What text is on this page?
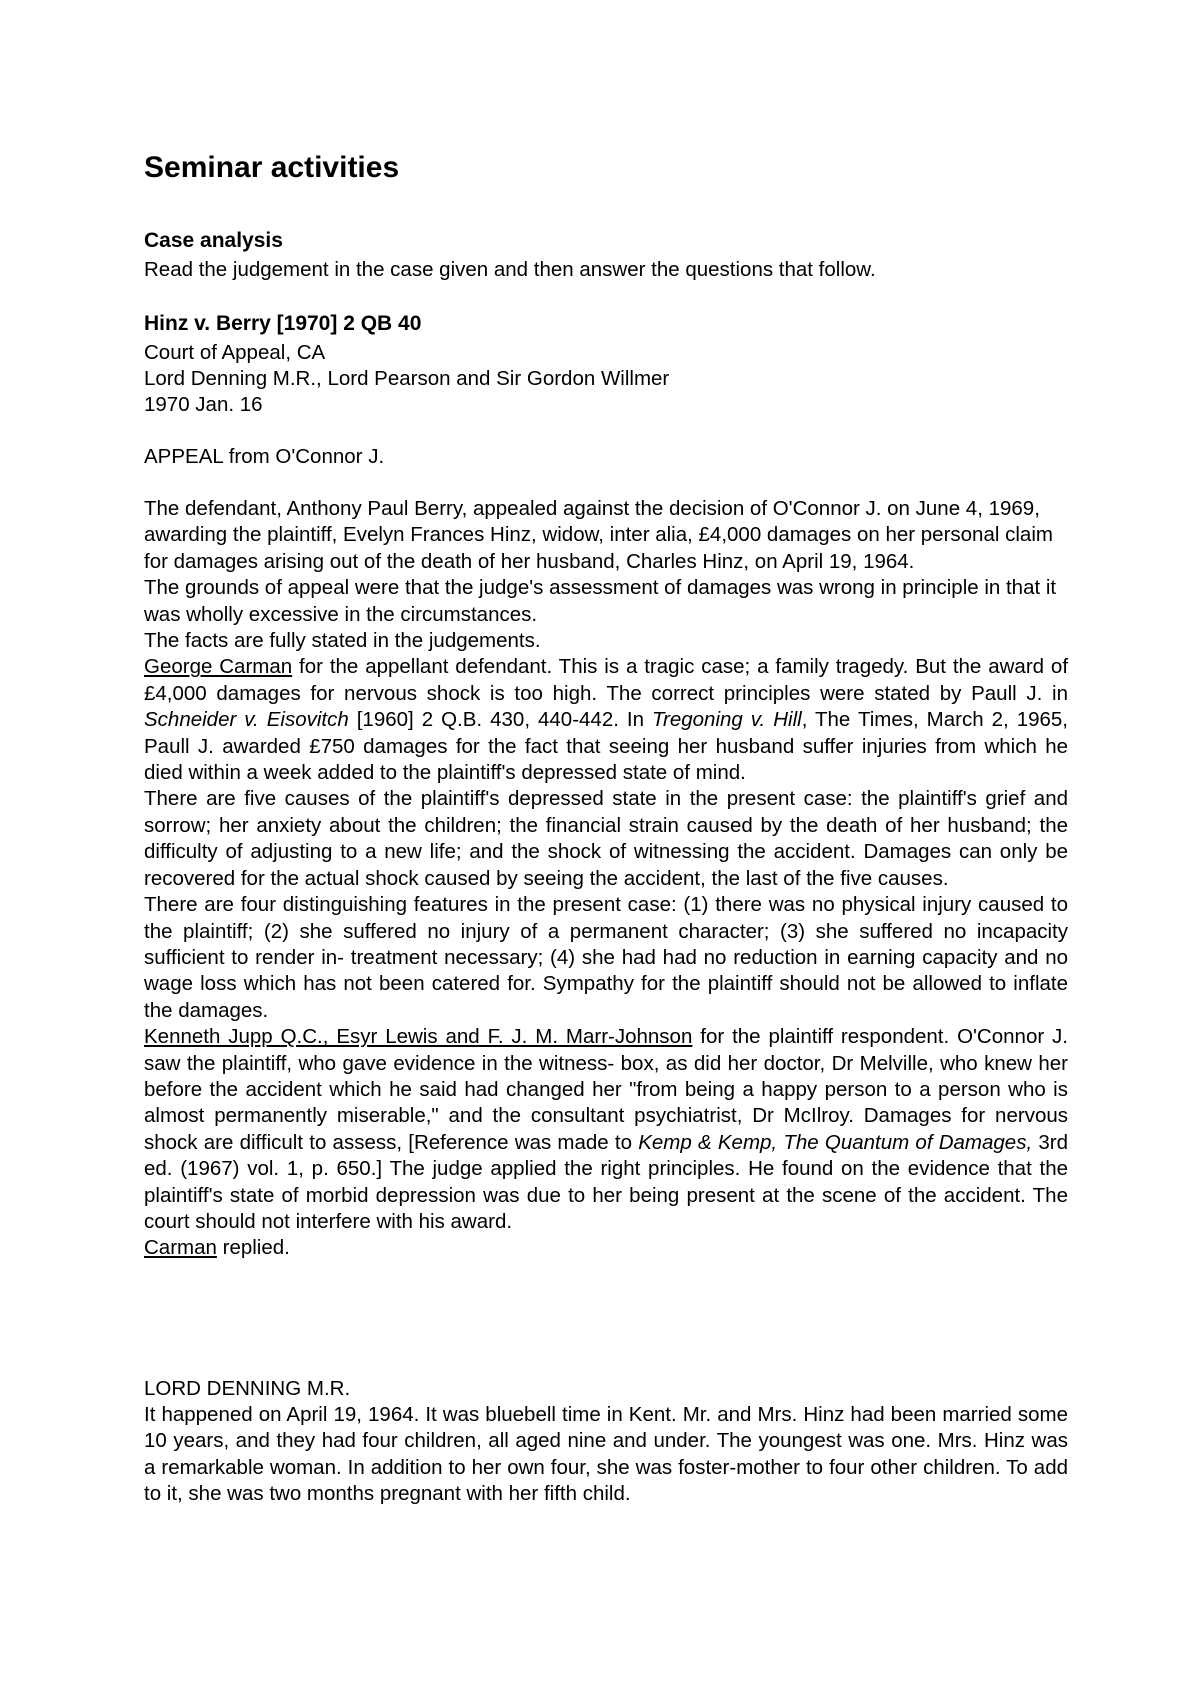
Seminar activities
Case analysis
Read the judgement in the case given and then answer the questions that follow.
Hinz v. Berry [1970] 2 QB 40
Court of Appeal, CA
Lord Denning M.R., Lord Pearson and Sir Gordon Willmer
1970 Jan. 16
APPEAL from O'Connor J.

The defendant, Anthony Paul Berry, appealed against the decision of O'Connor J. on June 4, 1969, awarding the plaintiff, Evelyn Frances Hinz, widow, inter alia, £4,000 damages on her personal claim for damages arising out of the death of her husband, Charles Hinz, on April 19, 1964.

The grounds of appeal were that the judge's assessment of damages was wrong in principle in that it was wholly excessive in the circumstances.

The facts are fully stated in the judgements.

George Carman for the appellant defendant. This is a tragic case; a family tragedy. But the award of £4,000 damages for nervous shock is too high. The correct principles were stated by Paull J. in Schneider v. Eisovitch [1960] 2 Q.B. 430, 440-442. In Tregoning v. Hill, The Times, March 2, 1965, Paull J. awarded £750 damages for the fact that seeing her husband suffer injuries from which he died within a week added to the plaintiff's depressed state of mind.

There are five causes of the plaintiff's depressed state in the present case: the plaintiff's grief and sorrow; her anxiety about the children; the financial strain caused by the death of her husband; the difficulty of adjusting to a new life; and the shock of witnessing the accident. Damages can only be recovered for the actual shock caused by seeing the accident, the last of the five causes.

There are four distinguishing features in the present case: (1) there was no physical injury caused to the plaintiff; (2) she suffered no injury of a permanent character; (3) she suffered no incapacity sufficient to render in- treatment necessary; (4) she had had no reduction in earning capacity and no wage loss which has not been catered for. Sympathy for the plaintiff should not be allowed to inflate the damages.

Kenneth Jupp Q.C., Esyr Lewis and F. J. M. Marr-Johnson for the plaintiff respondent. O'Connor J. saw the plaintiff, who gave evidence in the witness- box, as did her doctor, Dr Melville, who knew her before the accident which he said had changed her "from being a happy person to a person who is almost permanently miserable," and the consultant psychiatrist, Dr McIlroy. Damages for nervous shock are difficult to assess, [Reference was made to Kemp & Kemp, The Quantum of Damages, 3rd ed. (1967) vol. 1, p. 650.] The judge applied the right principles. He found on the evidence that the plaintiff's state of morbid depression was due to her being present at the scene of the accident. The court should not interfere with his award.

Carman replied.

LORD DENNING M.R.
It happened on April 19, 1964. It was bluebell time in Kent. Mr. and Mrs. Hinz had been married some 10 years, and they had four children, all aged nine and under. The youngest was one. Mrs. Hinz was a remarkable woman. In addition to her own four, she was foster-mother to four other children. To add to it, she was two months pregnant with her fifth child.
